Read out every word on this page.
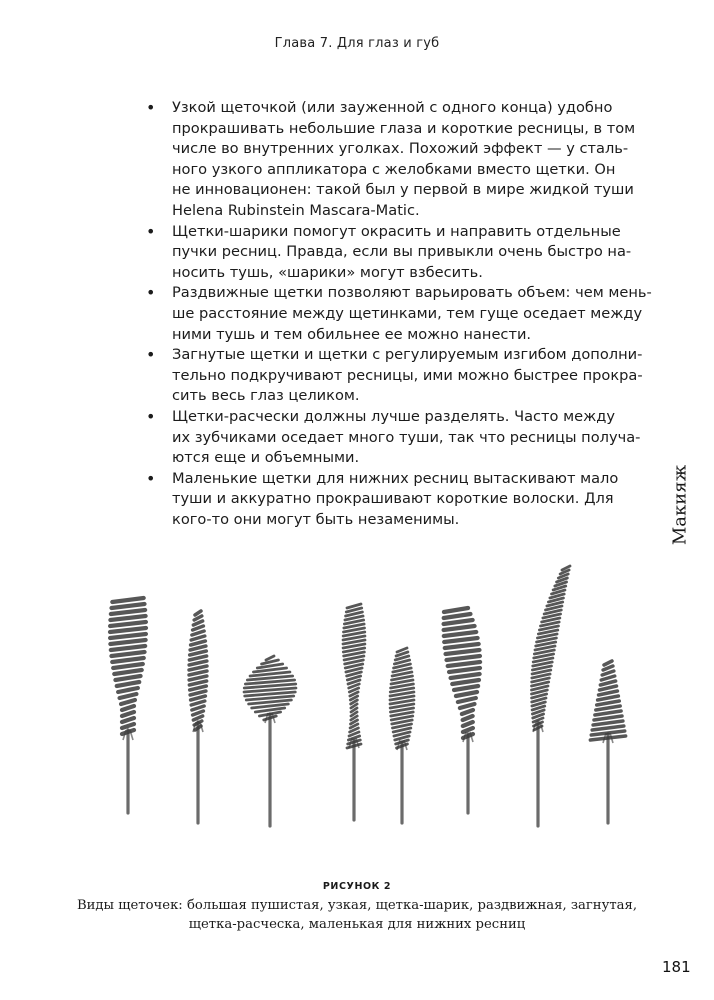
Глава 7. Для глаз и губ
•	Узкой щеточкой (или зауженной с одного конца) удобно
прокрашивать небольшие глаза и короткие ресницы, в том
числе во внутренних уголках. Похожий эффект — у сталь-
ного узкого аппликатора с желобками вместо щетки. Он
не инновационен: такой был у первой в мире жидкой туши
Helena Rubinstein Mascara-Matic.
•	Щетки-шарики помогут окрасить и направить отдельные
пучки ресниц. Правда, если вы привыкли очень быстро на-
носить тушь, «шарики» могут взбесить.
•	Раздвижные щетки позволяют варьировать объем: чем мень-
ше расстояние между щетинками, тем гуще оседает между
ними тушь и тем обильнее ее можно нанести.
•	Загнутые щетки и щетки с регулируемым изгибом дополни-
тельно подкручивают ресницы, ими можно быстрее прокра-
сить весь глаз целиком.
•	Щетки-расчески должны лучше разделять. Часто между
их зубчиками оседает много туши, так что ресницы получа-
ются еще и объемными.
•	Маленькие щетки для нижних ресниц вытаскивают мало
туши и аккуратно прокрашивают короткие волоски. Для
кого-то они могут быть незаменимы.	Макияж
РИСУНОК 2
Виды щеточек: большая пушистая, узкая, щетка-шарик, раздвижная, загнутая,
щетка-расческа, маленькая для нижних ресниц
181
